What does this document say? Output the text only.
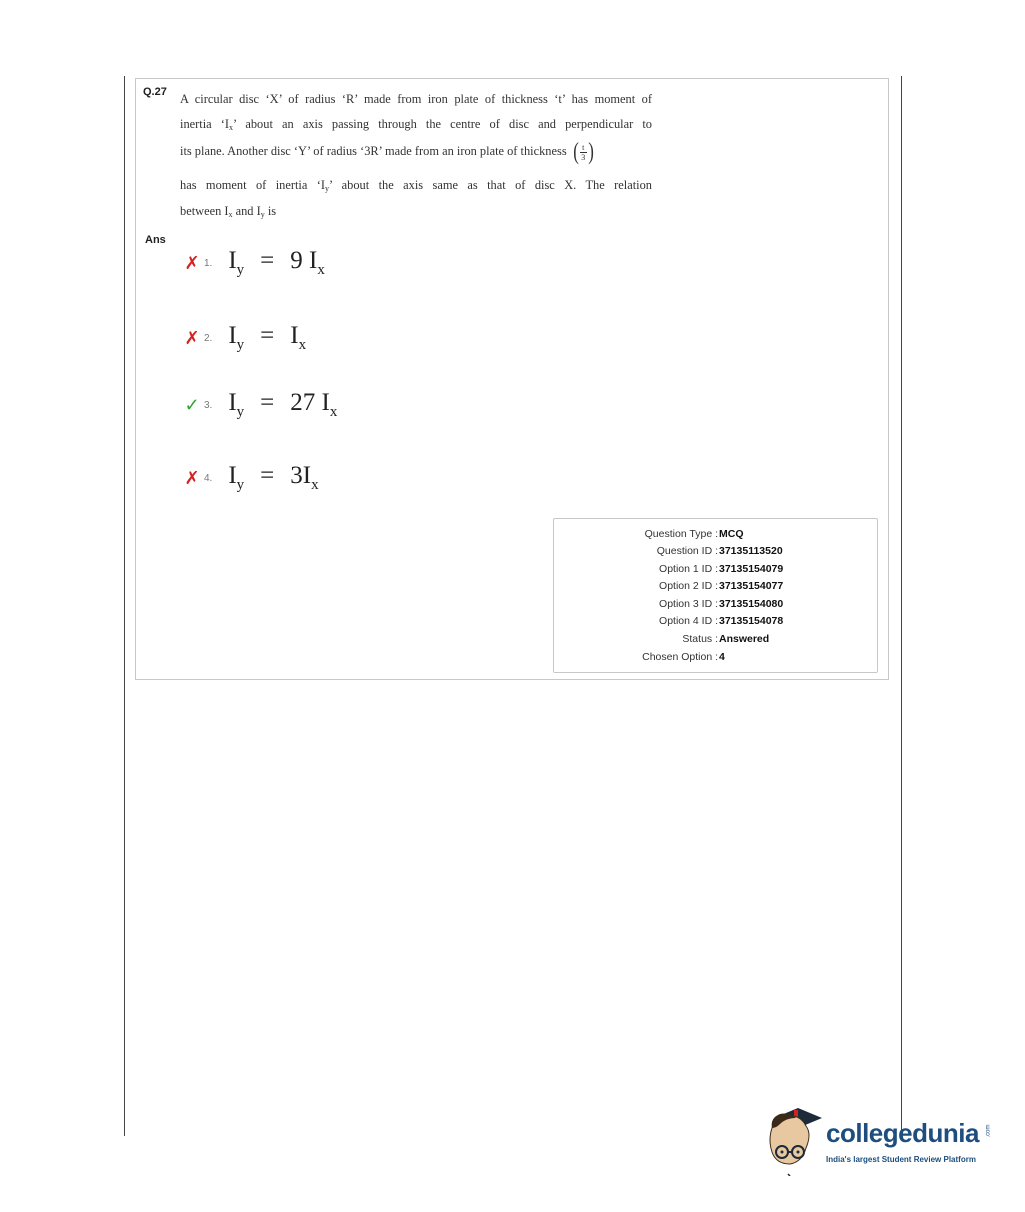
Q.27 A circular disc ‘X’ of radius ‘R’ made from iron plate of thickness ‘t’ has moment of
inertia ‘$I_x$’ about an axis passing through the centre of disc and perpendicular to
its plane. Another disc ‘Y’ of radius ‘3R’ made from an iron plate of thickness ( $\frac{t}{3}$ )
has moment of inertia ‘$I_y$’ about the axis same as that of disc X. The relation
between $I_x$ and $I_y$ is
Ans
✗ 1. $I_y = 9$ $I_x$
✗ 2. $I_y = I_x$
✓ 3. $I_y = 27$ $I_x$
✗ 4. $I_y = 3I_x$
Question Type : MCQ
Question ID : 37135113520
Option 1 ID : 37135154079
Option 2 ID : 37135154077
Option 3 ID : 37135154080
Option 4 ID : 37135154078
Status : Answered
Chosen Option : 4
collegedunia .com
India's largest Student Review Platform
